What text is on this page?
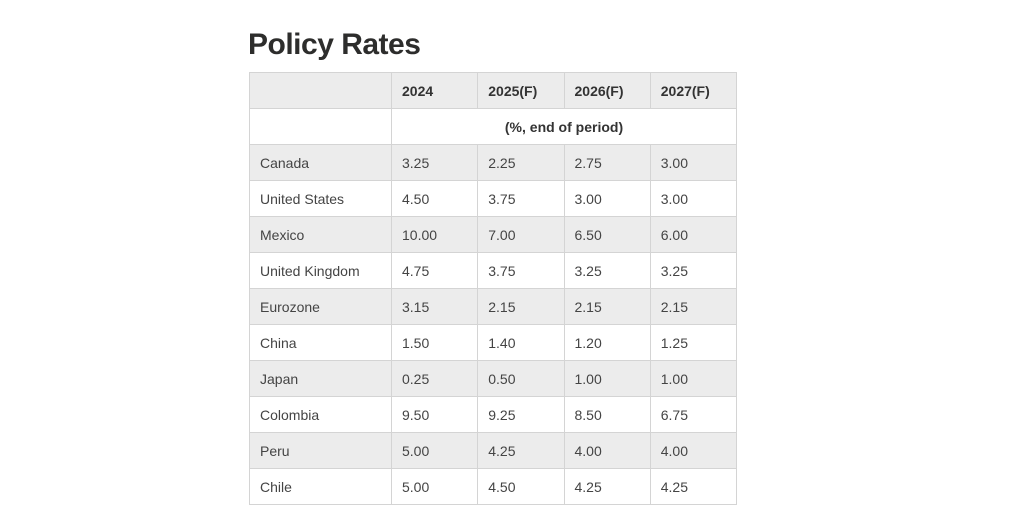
Policy Rates
	2024	2025(F)	2026(F)	2027(F)
	(%, end of period)			
Canada	3.25	2.25	2.75	3.00
United States	4.50	3.75	3.00	3.00
Mexico	10.00	7.00	6.50	6.00
United Kingdom	4.75	3.75	3.25	3.25
Eurozone	3.15	2.15	2.15	2.15
China	1.50	1.40	1.20	1.25
Japan	0.25	0.50	1.00	1.00
Colombia	9.50	9.25	8.50	6.75
Peru	5.00	4.25	4.00	4.00
Chile	5.00	4.50	4.25	4.25
